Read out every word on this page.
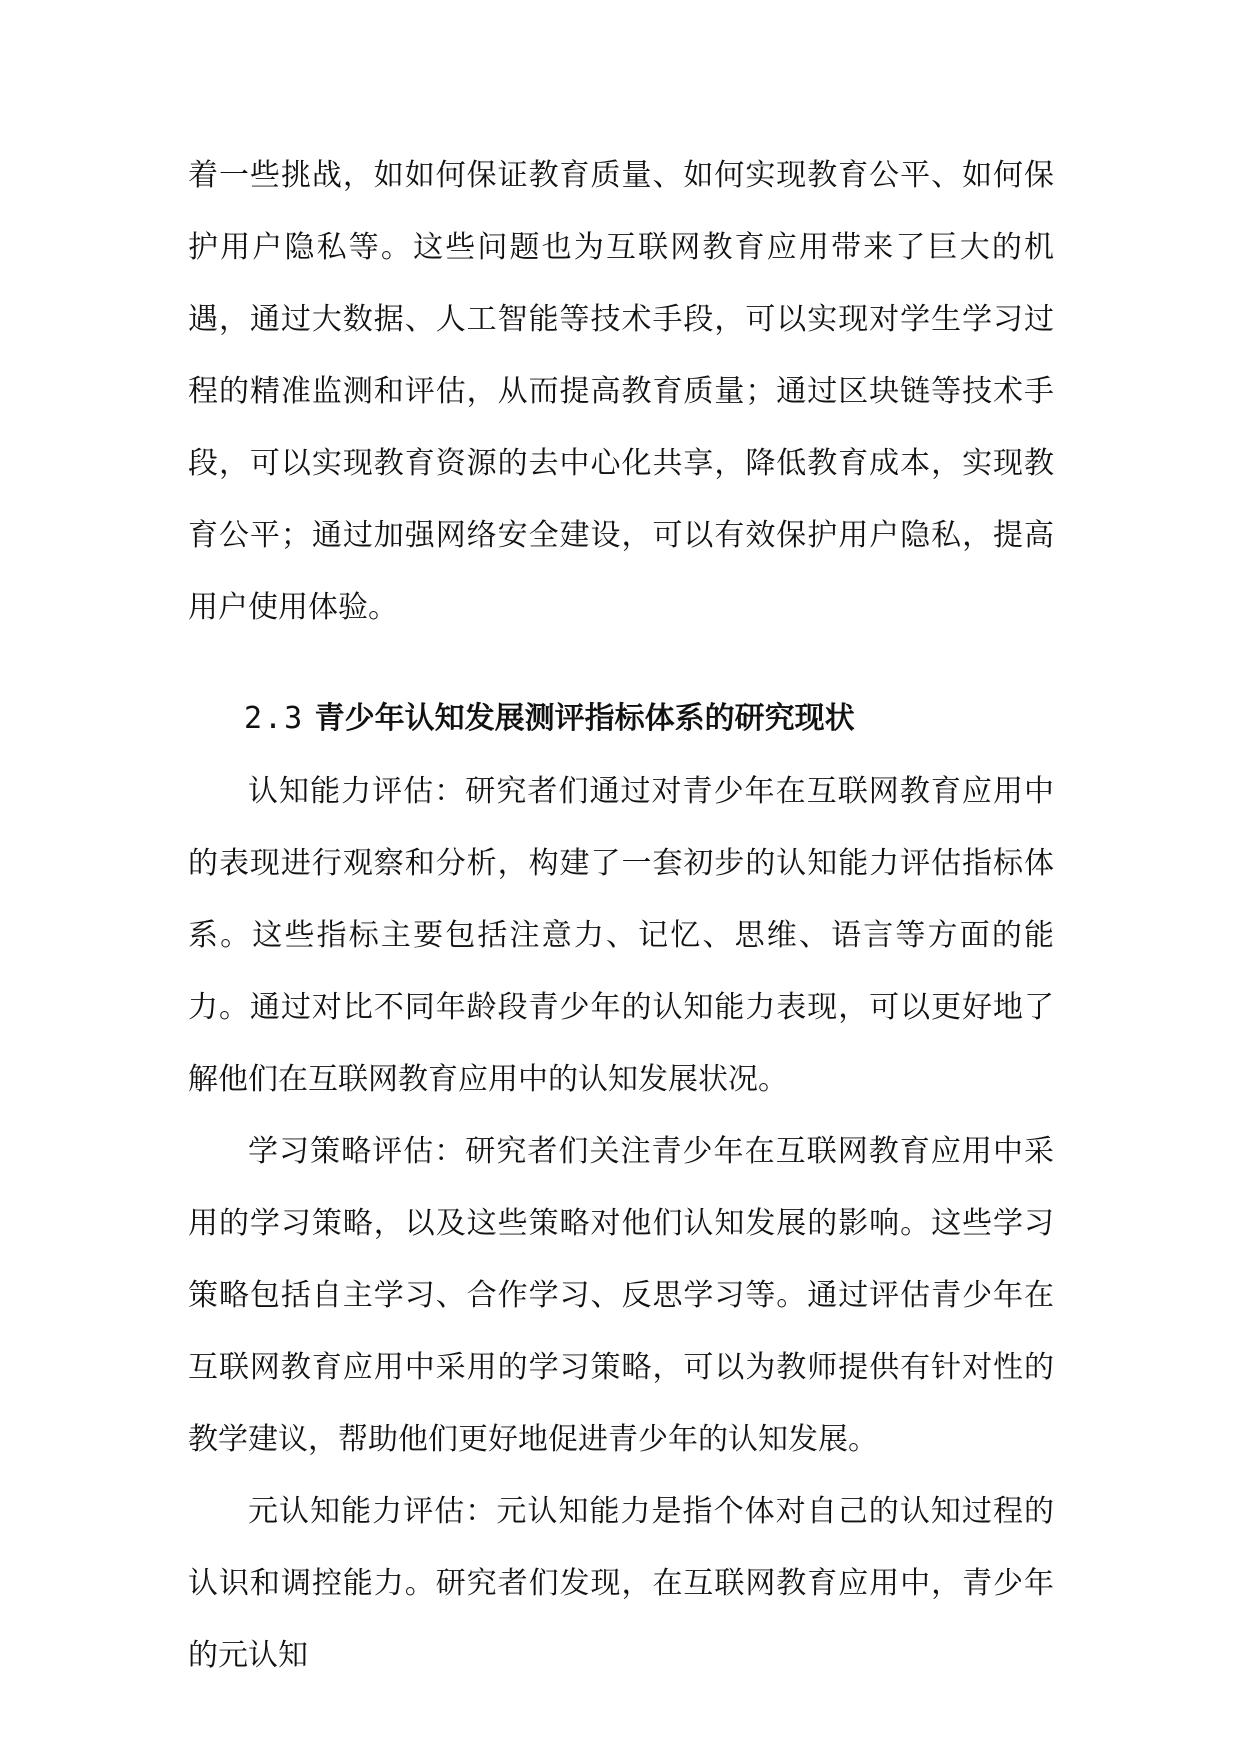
着一些挑战，如如何保证教育质量、如何实现教育公平、如何保护用户隐私等。这些问题也为互联网教育应用带来了巨大的机遇，通过大数据、人工智能等技术手段，可以实现对学生学习过程的精准监测和评估，从而提高教育质量；通过区块链等技术手段，可以实现教育资源的去中心化共享，降低教育成本，实现教育公平；通过加强网络安全建设，可以有效保护用户隐私，提高用户使用体验。

2.3 青少年认知发展测评指标体系的研究现状

认知能力评估：研究者们通过对青少年在互联网教育应用中的表现进行观察和分析，构建了一套初步的认知能力评估指标体系。这些指标主要包括注意力、记忆、思维、语言等方面的能力。通过对比不同年龄段青少年的认知能力表现，可以更好地了解他们在互联网教育应用中的认知发展状况。

学习策略评估：研究者们关注青少年在互联网教育应用中采用的学习策略，以及这些策略对他们认知发展的影响。这些学习策略包括自主学习、合作学习、反思学习等。通过评估青少年在互联网教育应用中采用的学习策略，可以为教师提供有针对性的教学建议，帮助他们更好地促进青少年的认知发展。

元认知能力评估：元认知能力是指个体对自己的认知过程的认识和调控能力。研究者们发现，在互联网教育应用中，青少年的元认知
